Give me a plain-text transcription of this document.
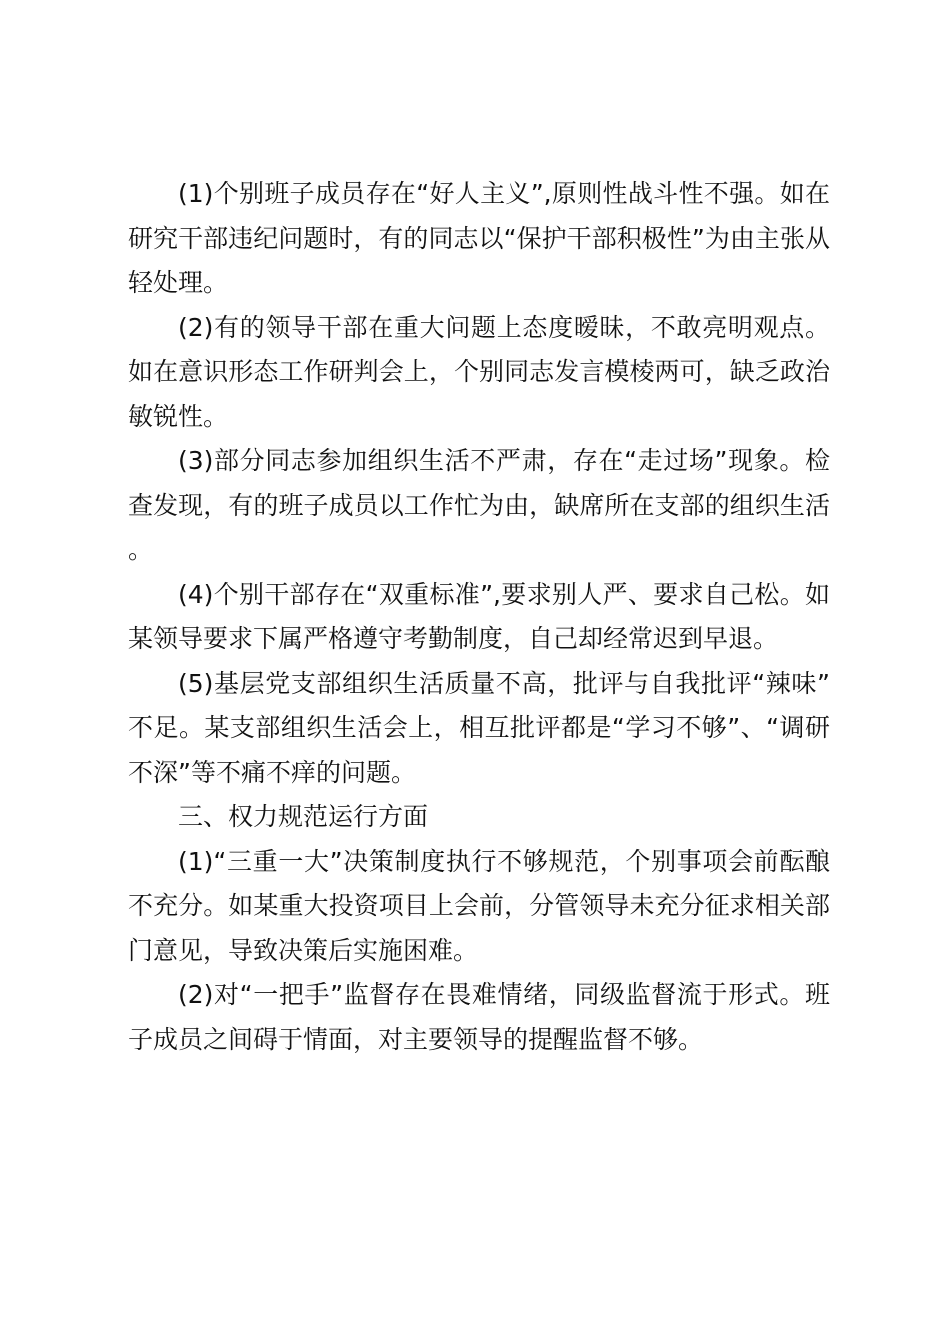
(1)个别班子成员存在“好人主义”,原则性战斗性不强。如在研究干部违纪问题时，有的同志以“保护干部积极性”为由主张从轻处理。

(2)有的领导干部在重大问题上态度暧昧，不敢亮明观点。如在意识形态工作研判会上，个别同志发言模棱两可，缺乏政治敏锐性。

(3)部分同志参加组织生活不严肃，存在“走过场”现象。检查发现，有的班子成员以工作忙为由，缺席所在支部的组织生活。

(4)个别干部存在“双重标准”,要求别人严、要求自己松。如某领导要求下属严格遵守考勤制度，自己却经常迟到早退。

(5)基层党支部组织生活质量不高，批评与自我批评“辣味”不足。某支部组织生活会上，相互批评都是“学习不够”、“调研不深”等不痛不痒的问题。

三、权力规范运行方面

(1)“三重一大”决策制度执行不够规范，个别事项会前酝酿不充分。如某重大投资项目上会前，分管领导未充分征求相关部门意见，导致决策后实施困难。

(2)对“一把手”监督存在畏难情绪，同级监督流于形式。班子成员之间碍于情面，对主要领导的提醒监督不够。
